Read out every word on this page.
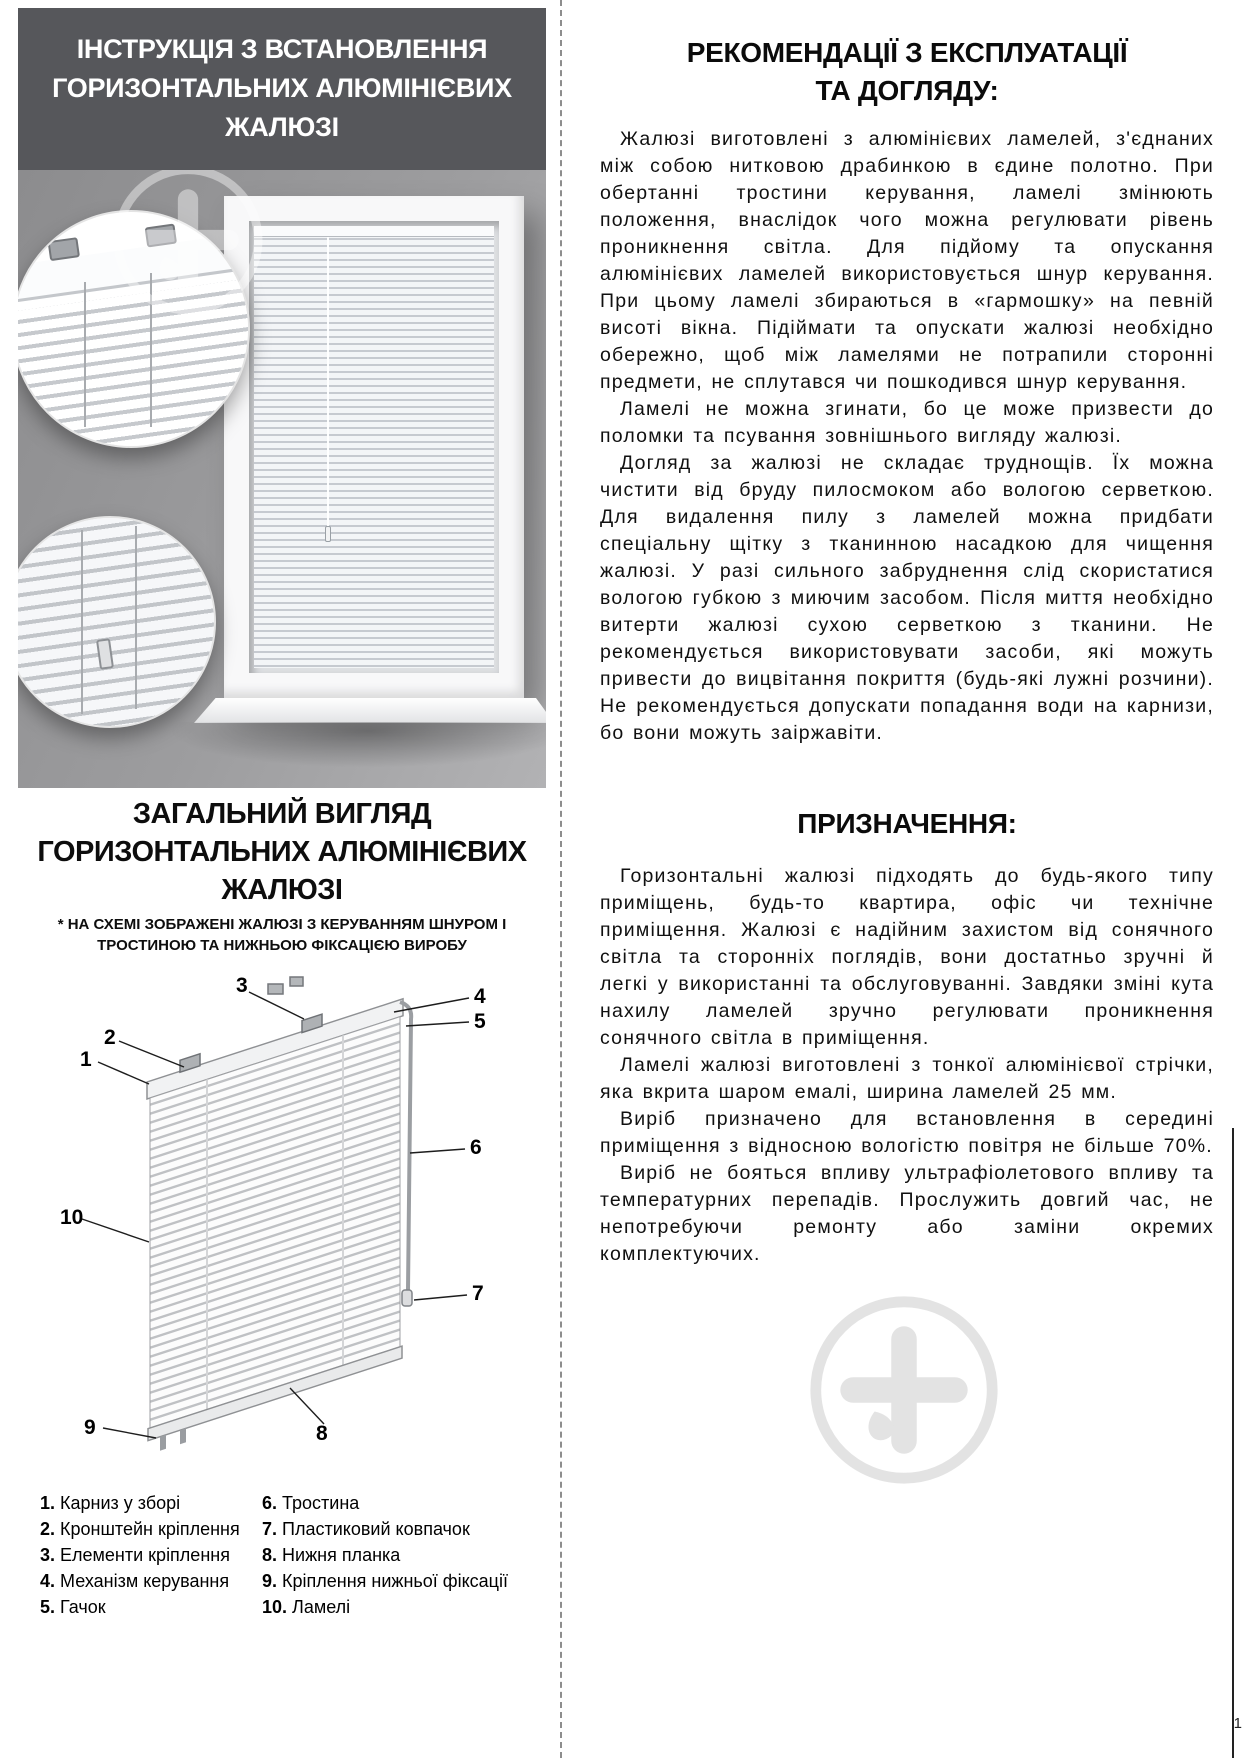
ІНСТРУКЦІЯ З ВСТАНОВЛЕННЯ
ГОРИЗОНТАЛЬНИХ АЛЮМІНІЄВИХ
ЖАЛЮЗІ
ЗАГАЛЬНИЙ ВИГЛЯД
ГОРИЗОНТАЛЬНИХ АЛЮМІНІЄВИХ
ЖАЛЮЗІ
* НА СХЕМІ ЗОБРАЖЕНІ ЖАЛЮЗІ З КЕРУВАННЯМ ШНУРОМ І
ТРОСТИНОЮ ТА НИЖНЬОЮ ФІКСАЦІЄЮ ВИРОБУ
1
2
3	4
5
6
7
8
9
10
1. Карниз у зборі
2. Кронштейн кріплення
3. Елементи кріплення
4. Механізм керування
5. Гачок
6. Тростина
7. Пластиковий ковпачок
8. Нижня планка
9. Кріплення нижньої фіксації
10. Ламелі
РЕКОМЕНДАЦІЇ З ЕКСПЛУАТАЦІЇ
ТА ДОГЛЯДУ:

Жалюзі виготовлені з алюмінієвих ламелей, з'єднаних між собою нитковою драбинкою в єдине полотно. При обертанні тростини керування, ламелі змінюють положення, внаслідок чого можна регулювати рівень проникнення світла. Для підйому та опускання алюмінієвих ламелей використовується шнур керування. При цьому ламелі збираються в «гармошку» на певній висоті вікна. Підіймати та опускати жалюзі необхідно обережно, щоб між ламелями не потрапили сторонні предмети, не сплутався чи пошкодився шнур керування.

Ламелі не можна згинати, бо це може призвести до поломки та псування зовнішнього вигляду жалюзі.

Догляд за жалюзі не складає труднощів. Їх можна чистити від бруду пилосмоком або вологою серветкою. Для видалення пилу з ламелей можна придбати спеціальну щітку з тканинною насадкою для чищення жалюзі. У разі сильного забруднення слід скористатися вологою губкою з миючим засобом. Після миття необхідно витерти жалюзі сухою серветкою з тканини. Не рекомендується використовувати засоби, які можуть привести до вицвітання покриття (будь-які лужні розчини). Не рекомендується допускати попадання води на карнизи, бо вони можуть заіржавіти.

ПРИЗНАЧЕННЯ:

Горизонтальні жалюзі підходять до будь-якого типу приміщень, будь-то квартира, офіс чи технічне приміщення. Жалюзі є надійним захистом від сонячного світла та сторонніх поглядів, вони достатньо зручні й легкі у використанні та обслуговуванні. Завдяки зміні кута нахилу ламелей зручно регулювати проникнення сонячного світла в приміщення.

Ламелі жалюзі виготовлені з тонкої алюмінієвої стрічки, яка вкрита шаром емалі, ширина ламелей 25 мм.

Виріб призначено для встановлення в середині приміщення з відносною вологістю повітря не більше 70%.

Виріб не бояться впливу ультрафіолетового впливу та температурних перепадів. Прослужить довгий час, не непотребуючи ремонту або заміни окремих комплектуючих.

1
